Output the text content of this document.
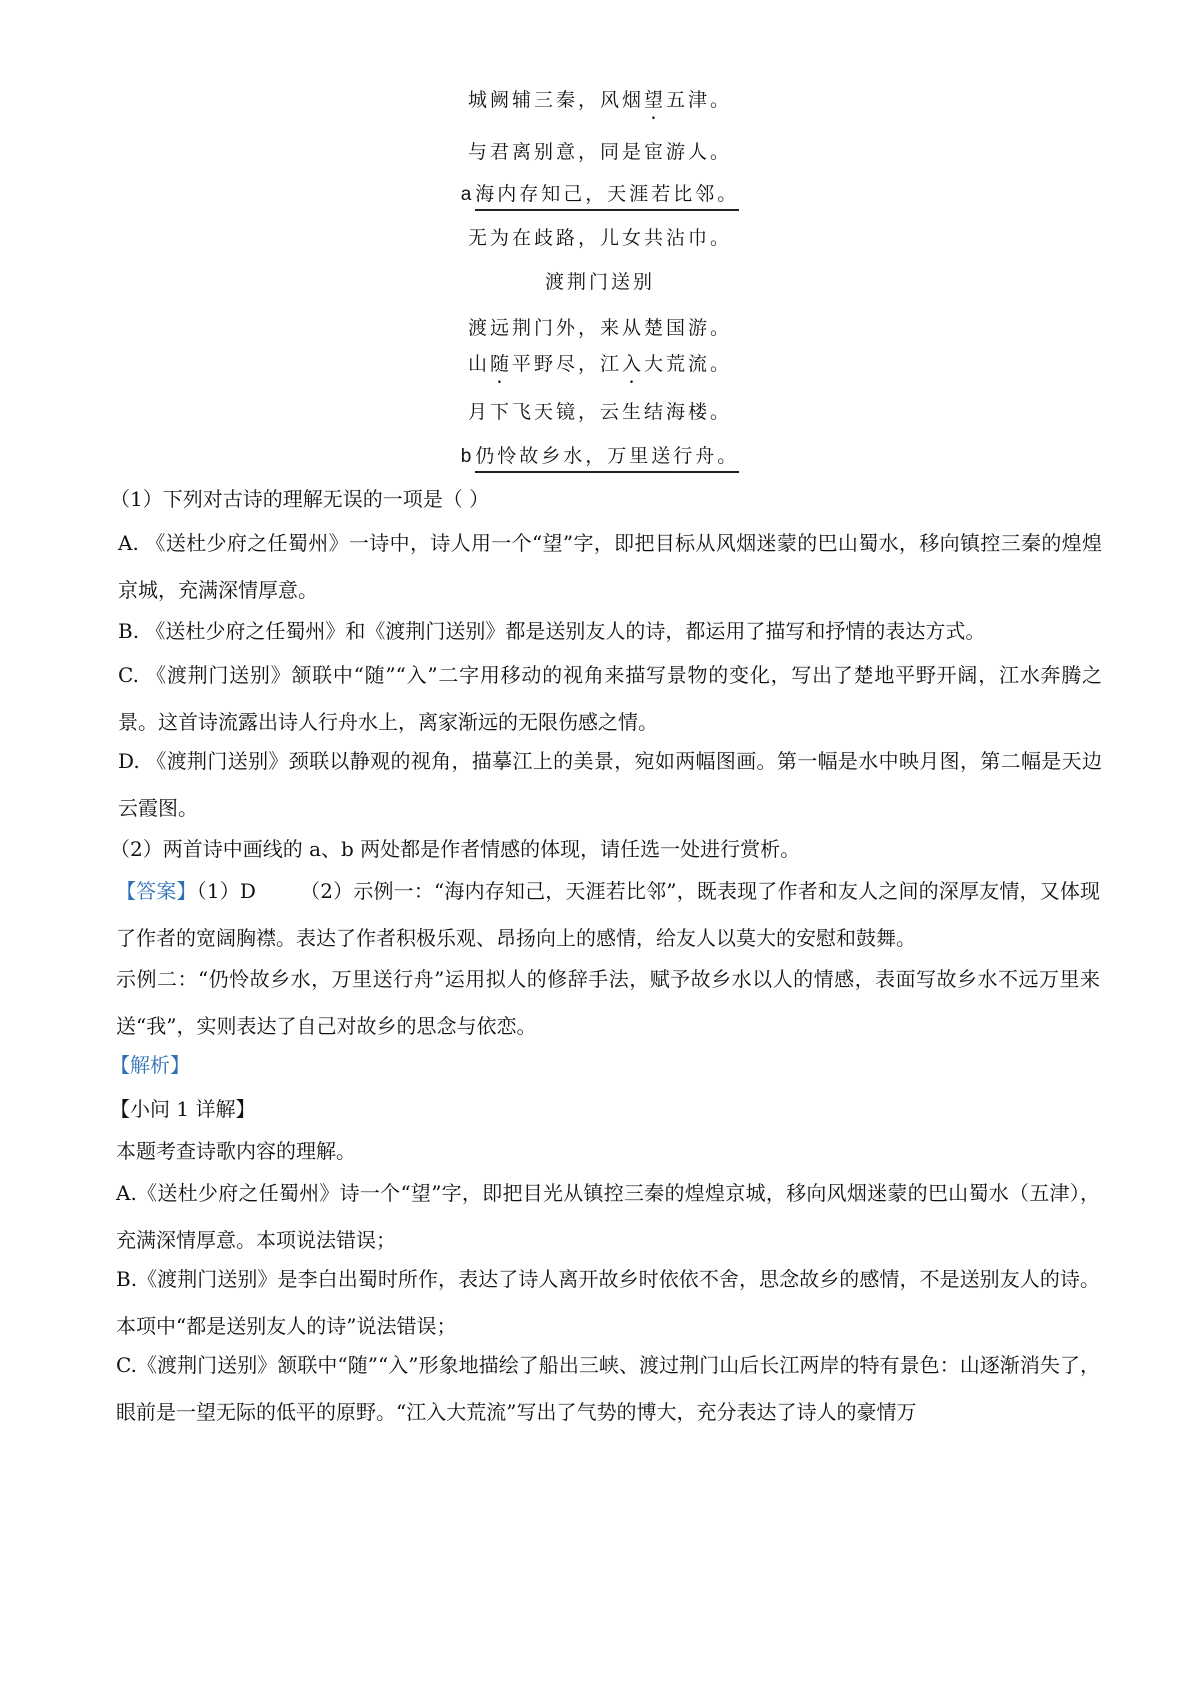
城阙辅三秦，风烟望五津。
与君离别意，同是宦游人。
a 海内存知己，天涯若比邻。
无为在歧路，儿女共沾巾。
渡荆门送别
渡远荆门外，来从楚国游。
山随平野尽，江入大荒流。
月下飞天镜，云生结海楼。
b 仍怜故乡水，万里送行舟。
（1）下列对古诗的理解无误的一项是（ ）
A. 《送杜少府之任蜀州》一诗中，诗人用一个“望”字，即把目标从风烟迷蒙的巴山蜀水，移向镇控三秦的煌煌京城，充满深情厚意。
B. 《送杜少府之任蜀州》和《渡荆门送别》都是送别友人的诗，都运用了描写和抒情的表达方式。
C. 《渡荆门送别》颔联中“随”“入”二字用移动的视角来描写景物的变化，写出了楚地平野开阔，江水奔腾之景。这首诗流露出诗人行舟水上，离家渐远的无限伤感之情。
D. 《渡荆门送别》颈联以静观的视角，描摹江上的美景，宛如两幅图画。第一幅是水中映月图，第二幅是天边云霞图。
（2）两首诗中画线的 a、b 两处都是作者情感的体现，请任选一处进行赏析。
【答案】（1）D （2）示例一：“海内存知己，天涯若比邻”，既表现了作者和友人之间的深厚友情，又体现了作者的宽阔胸襟。表达了作者积极乐观、昂扬向上的感情，给友人以莫大的安慰和鼓舞。
示例二：“仍怜故乡水，万里送行舟”运用拟人的修辞手法，赋予故乡水以人的情感，表面写故乡水不远万里来送“我”，实则表达了自己对故乡的思念与依恋。
【解析】
【小问 1 详解】
本题考查诗歌内容的理解。
A.《送杜少府之任蜀州》诗一个“望”字，即把目光从镇控三秦的煌煌京城，移向风烟迷蒙的巴山蜀水（五津），充满深情厚意。本项说法错误；
B.《渡荆门送别》是李白出蜀时所作，表达了诗人离开故乡时依依不舍，思念故乡的感情，不是送别友人的诗。本项中“都是送别友人的诗”说法错误；
C.《渡荆门送别》颔联中“随”“入”形象地描绘了船出三峡、渡过荆门山后长江两岸的特有景色：山逐渐消失了，眼前是一望无际的低平的原野。“江入大荒流”写出了气势的博大，充分表达了诗人的豪情万
